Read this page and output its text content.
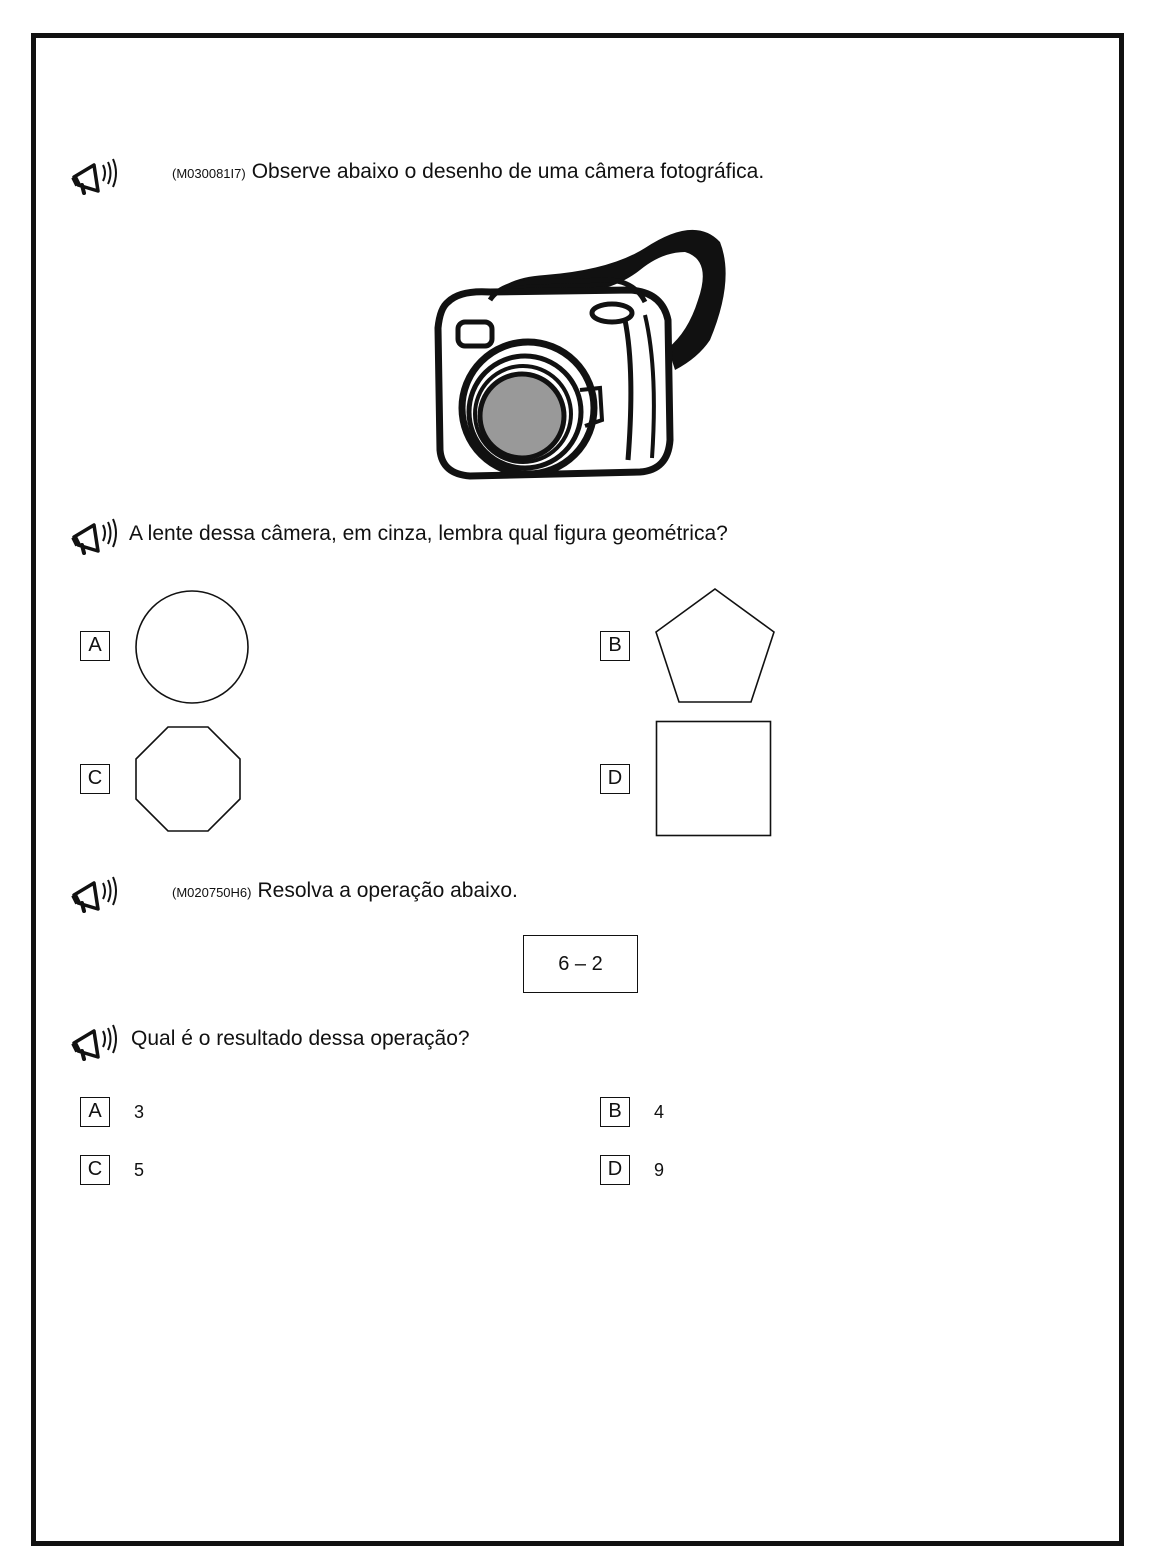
(M030081I7) Observe abaixo o desenho de uma câmera fotográfica.
A lente dessa câmera, em cinza, lembra qual figura geométrica?
A	B
C	D
(M020750H6) Resolva a operação abaixo.
6 – 2
Qual é o resultado dessa operação?
A	3	B	4
C	5	D	9
